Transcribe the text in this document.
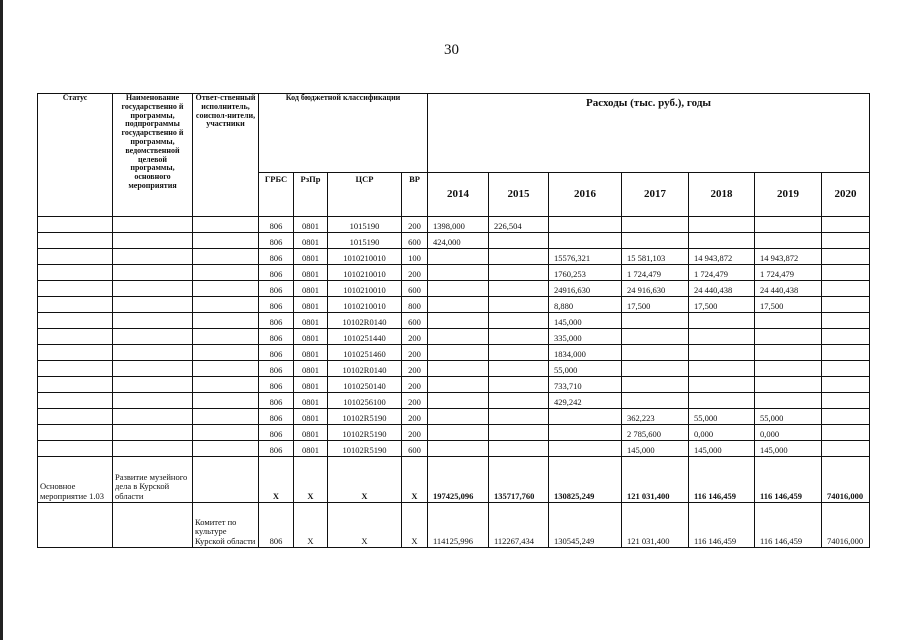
30
Статус	Наименование государственно й программы, подпрограммы государственно й программы, ведомственной целевой программы, основного мероприятия	Ответ-ственный исполнитель, соиспол-нители, участники	Код бюджетной классификации				Расходы (тыс. руб.), годы						
			ГРБС	РзПр	ЦСР	ВР	2014	2015	2016	2017	2018	2019	2020
			806	0801	1015190	200	1398,000	226,504					
			806	0801	1015190	600	424,000						
			806	0801	1010210010	100			15576,321	15 581,103	14 943,872	14 943,872	
			806	0801	1010210010	200			1760,253	1 724,479	1 724,479	1 724,479	
			806	0801	1010210010	600			24916,630	24 916,630	24 440,438	24 440,438	
			806	0801	1010210010	800			8,880	17,500	17,500	17,500	
			806	0801	10102R0140	600			145,000				
			806	0801	1010251440	200			335,000				
			806	0801	1010251460	200			1834,000				
			806	0801	10102R0140	200			55,000				
			806	0801	1010250140	200			733,710				
			806	0801	1010256100	200			429,242				
			806	0801	10102R5190	200				362,223	55,000	55,000	
			806	0801	10102R5190	200				2 785,600	0,000	0,000	
			806	0801	10102R5190	600				145,000	145,000	145,000	
Основное мероприятие 1.03	Развитие музейного дела в Курской области		X	X	X	X	197425,096	135717,760	130825,249	121 031,400	116 146,459	116 146,459	74016,000
		Комитет по культуре Курской области	806	X	X	X	114125,996	112267,434	130545,249	121 031,400	116 146,459	116 146,459	74016,000
